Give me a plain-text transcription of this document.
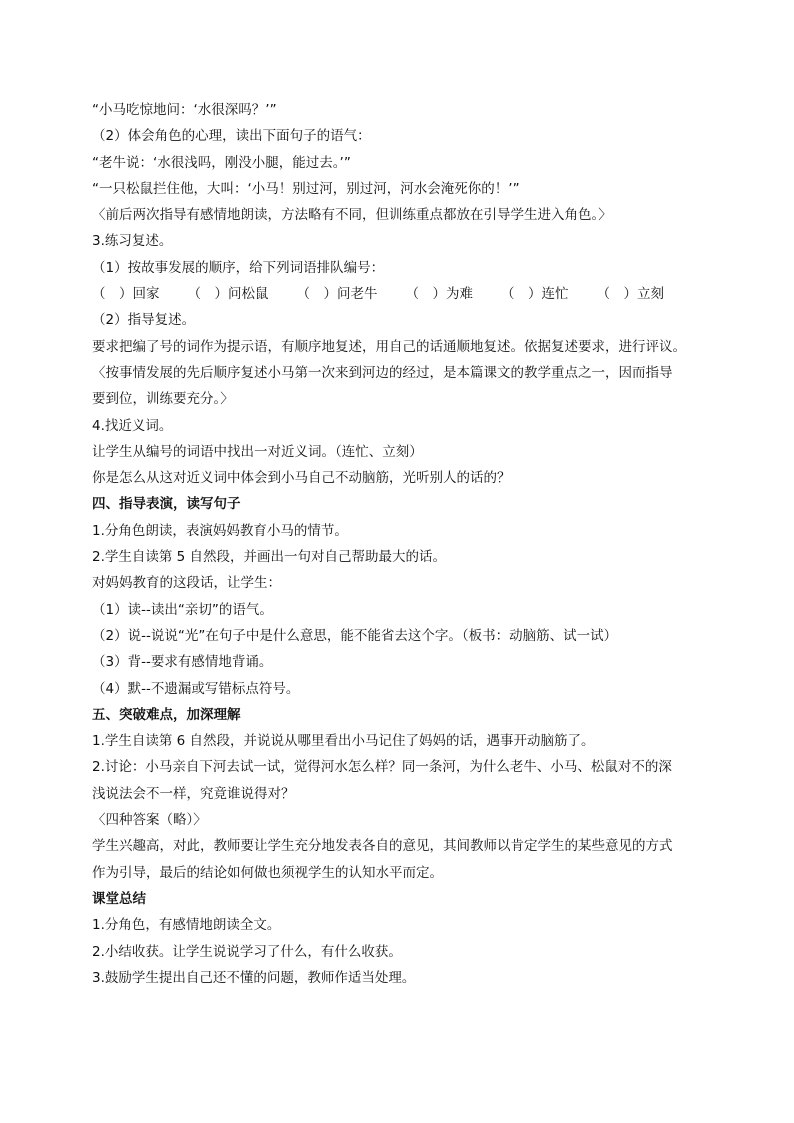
“小马吃惊地问：‘水很深吗？’”
（2）体会角色的心理，读出下面句子的语气：
“老牛说：‘水很浅吗，刚没小腿，能过去。’”
“一只松鼠拦住他，大叫：‘小马！别过河，别过河，河水会淹死你的！’”
〈前后两次指导有感情地朗读，方法略有不同，但训练重点都放在引导学生进入角色。〉
3.练习复述。
（1）按故事发展的顺序，给下列词语排队编号：
（　）回家 （　）问松鼠 （　）问老牛 （　）为难 （　）连忙 （　）立刻
（2）指导复述。
要求把编了号的词作为提示语，有顺序地复述，用自己的话通顺地复述。依据复述要求，进行评议。
〈按事情发展的先后顺序复述小马第一次来到河边的经过，是本篇课文的教学重点之一，因而指导
要到位，训练要充分。〉
4.找近义词。
让学生从编号的词语中找出一对近义词。（连忙、立刻）
你是怎么从这对近义词中体会到小马自己不动脑筋，光听别人的话的？
四、指导表演，读写句子
1.分角色朗读，表演妈妈教育小马的情节。
2.学生自读第 5 自然段，并画出一句对自己帮助最大的话。
对妈妈教育的这段话，让学生：
（1）读--读出“亲切”的语气。
（2）说--说说“光”在句子中是什么意思，能不能省去这个字。（板书：动脑筋、试一试）
（3）背--要求有感情地背诵。
（4）默--不遗漏或写错标点符号。
五、突破难点，加深理解
1.学生自读第 6 自然段，并说说从哪里看出小马记住了妈妈的话，遇事开动脑筋了。
2.讨论：小马亲自下河去试一试，觉得河水怎么样？同一条河，为什么老牛、小马、松鼠对不的深
浅说法会不一样，究竟谁说得对？
〈四种答案（略）〉
学生兴趣高，对此，教师要让学生充分地发表各自的意见，其间教师以肯定学生的某些意见的方式
作为引导，最后的结论如何做也须视学生的认知水平而定。
课堂总结
1.分角色，有感情地朗读全文。
2.小结收获。让学生说说学习了什么，有什么收获。
3.鼓励学生提出自己还不懂的问题，教师作适当处理。
